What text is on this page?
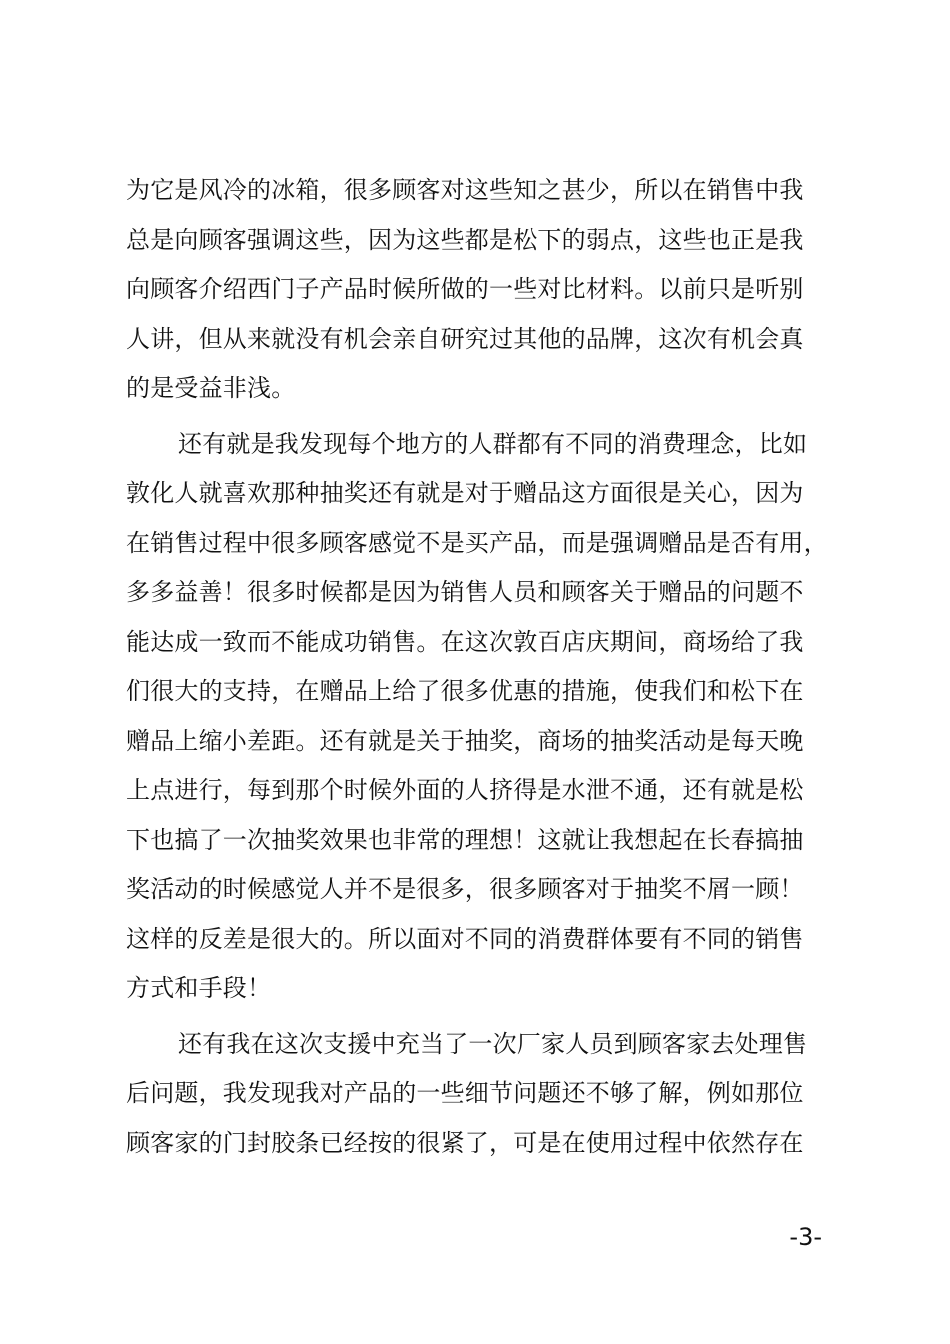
为它是风冷的冰箱，很多顾客对这些知之甚少，所以在销售中我
总是向顾客强调这些，因为这些都是松下的弱点，这些也正是我
向顾客介绍西门子产品时候所做的一些对比材料。以前只是听别
人讲，但从来就没有机会亲自研究过其他的品牌，这次有机会真
的是受益非浅。
还有就是我发现每个地方的人群都有不同的消费理念，比如
敦化人就喜欢那种抽奖还有就是对于赠品这方面很是关心，因为
在销售过程中很多顾客感觉不是买产品，而是强调赠品是否有用，
多多益善！很多时候都是因为销售人员和顾客关于赠品的问题不
能达成一致而不能成功销售。在这次敦百店庆期间，商场给了我
们很大的支持，在赠品上给了很多优惠的措施，使我们和松下在
赠品上缩小差距。还有就是关于抽奖，商场的抽奖活动是每天晚
上点进行，每到那个时候外面的人挤得是水泄不通，还有就是松
下也搞了一次抽奖效果也非常的理想！这就让我想起在长春搞抽
奖活动的时候感觉人并不是很多，很多顾客对于抽奖不屑一顾！
这样的反差是很大的。所以面对不同的消费群体要有不同的销售
方式和手段！
还有我在这次支援中充当了一次厂家人员到顾客家去处理售
后问题，我发现我对产品的一些细节问题还不够了解，例如那位
顾客家的门封胶条已经按的很紧了，可是在使用过程中依然存在
-3-
